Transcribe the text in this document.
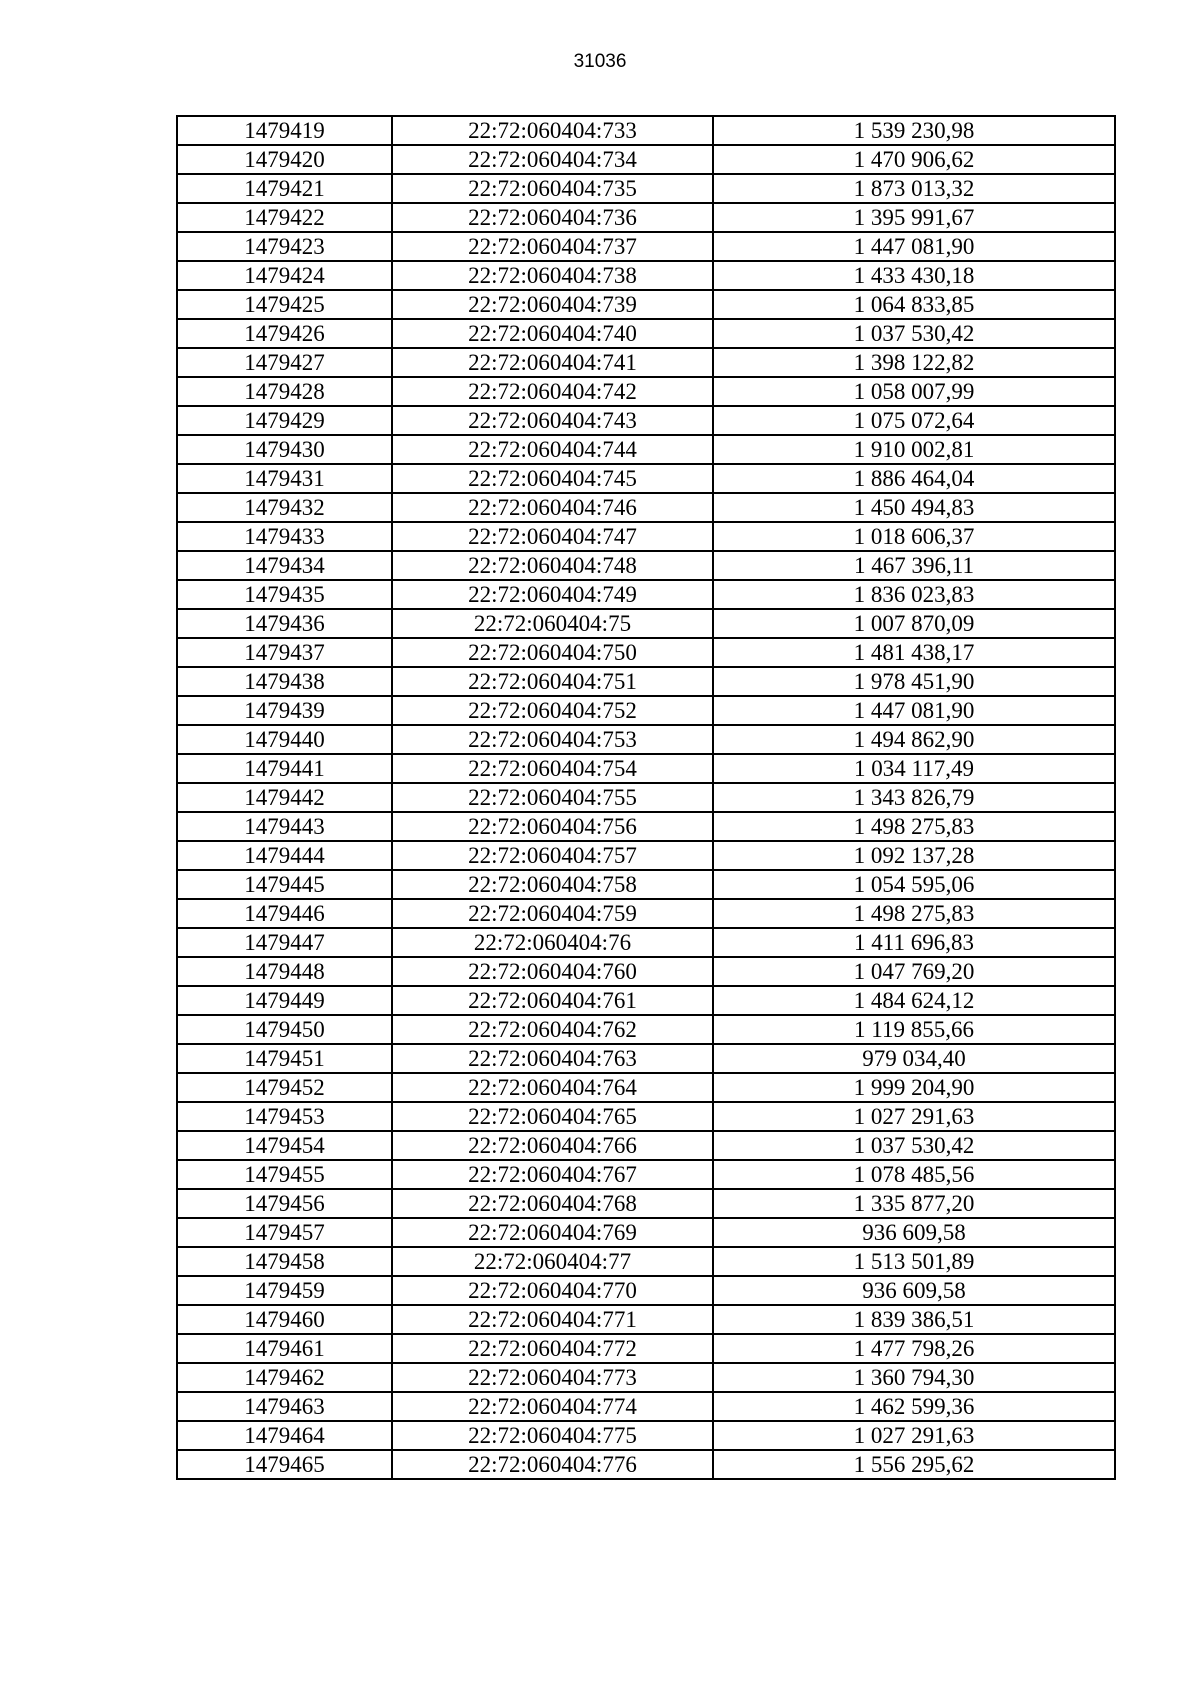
31036
1479419	22:72:060404:733	1 539 230,98
1479420	22:72:060404:734	1 470 906,62
1479421	22:72:060404:735	1 873 013,32
1479422	22:72:060404:736	1 395 991,67
1479423	22:72:060404:737	1 447 081,90
1479424	22:72:060404:738	1 433 430,18
1479425	22:72:060404:739	1 064 833,85
1479426	22:72:060404:740	1 037 530,42
1479427	22:72:060404:741	1 398 122,82
1479428	22:72:060404:742	1 058 007,99
1479429	22:72:060404:743	1 075 072,64
1479430	22:72:060404:744	1 910 002,81
1479431	22:72:060404:745	1 886 464,04
1479432	22:72:060404:746	1 450 494,83
1479433	22:72:060404:747	1 018 606,37
1479434	22:72:060404:748	1 467 396,11
1479435	22:72:060404:749	1 836 023,83
1479436	22:72:060404:75	1 007 870,09
1479437	22:72:060404:750	1 481 438,17
1479438	22:72:060404:751	1 978 451,90
1479439	22:72:060404:752	1 447 081,90
1479440	22:72:060404:753	1 494 862,90
1479441	22:72:060404:754	1 034 117,49
1479442	22:72:060404:755	1 343 826,79
1479443	22:72:060404:756	1 498 275,83
1479444	22:72:060404:757	1 092 137,28
1479445	22:72:060404:758	1 054 595,06
1479446	22:72:060404:759	1 498 275,83
1479447	22:72:060404:76	1 411 696,83
1479448	22:72:060404:760	1 047 769,20
1479449	22:72:060404:761	1 484 624,12
1479450	22:72:060404:762	1 119 855,66
1479451	22:72:060404:763	979 034,40
1479452	22:72:060404:764	1 999 204,90
1479453	22:72:060404:765	1 027 291,63
1479454	22:72:060404:766	1 037 530,42
1479455	22:72:060404:767	1 078 485,56
1479456	22:72:060404:768	1 335 877,20
1479457	22:72:060404:769	936 609,58
1479458	22:72:060404:77	1 513 501,89
1479459	22:72:060404:770	936 609,58
1479460	22:72:060404:771	1 839 386,51
1479461	22:72:060404:772	1 477 798,26
1479462	22:72:060404:773	1 360 794,30
1479463	22:72:060404:774	1 462 599,36
1479464	22:72:060404:775	1 027 291,63
1479465	22:72:060404:776	1 556 295,62
